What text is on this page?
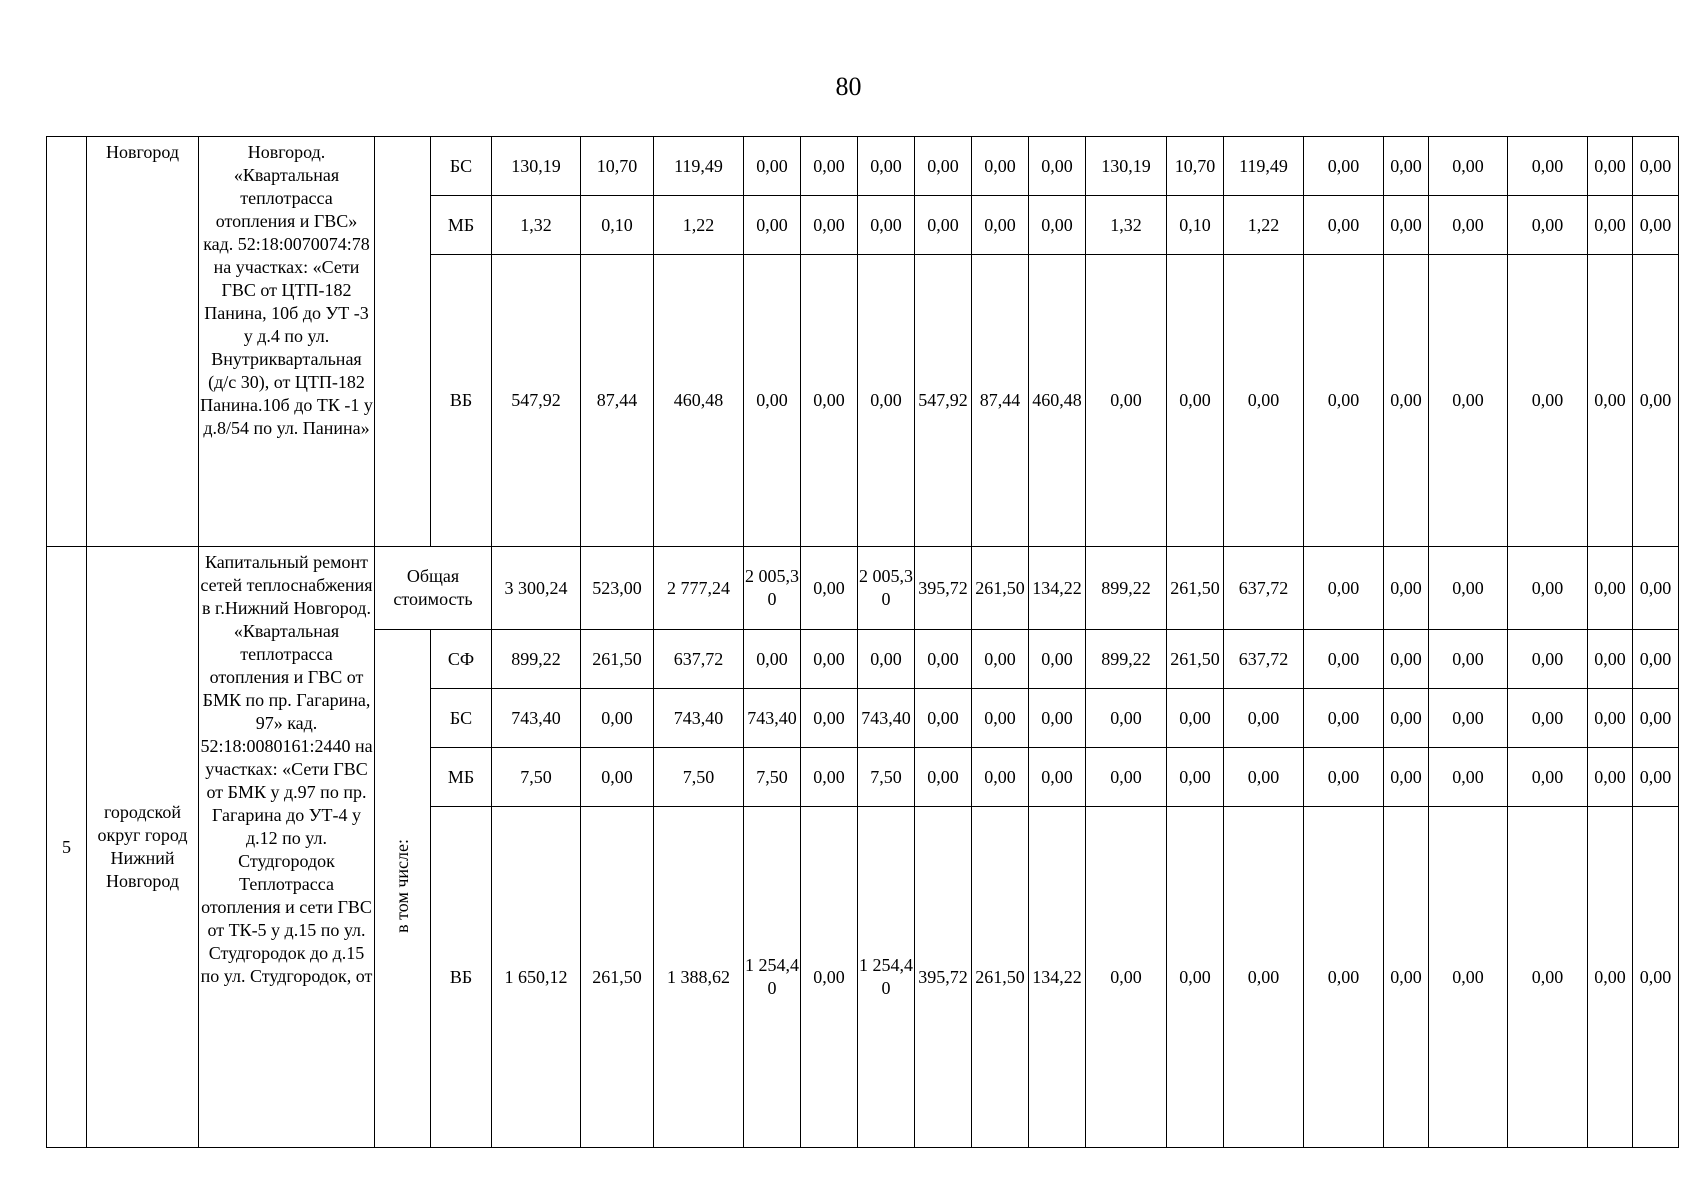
80
	Новгород	Новгород. «Квартальная теплотрасса отопления и ГВС» кад. 52:18:0070074:78 на участках: «Сети ГВС от ЦТП-182 Панина, 10б до УТ -3 у д.4 по ул. Внутриквартальная (д/с 30), от ЦТП-182 Панина.10б до ТК -1 у д.8/54 по ул. Панина»		БС	130,19	10,70	119,49	0,00	0,00	0,00	0,00	0,00	0,00	130,19	10,70	119,49	0,00	0,00	0,00	0,00	0,00	0,00
				МБ	1,32	0,10	1,22	0,00	0,00	0,00	0,00	0,00	0,00	1,32	0,10	1,22	0,00	0,00	0,00	0,00	0,00	0,00
				ВБ	547,92	87,44	460,48	0,00	0,00	0,00	547,92	87,44	460,48	0,00	0,00	0,00	0,00	0,00	0,00	0,00	0,00	0,00
5	городской округ город Нижний Новгород	Капитальный ремонт сетей теплоснабжения в г.Нижний Новгород. «Квартальная теплотрасса отопления и ГВС от БМК по пр. Гагарина, 97» кад. 52:18:0080161:2440 на участках: «Сети ГВС от БМК у д.97 по пр. Гагарина до УТ-4 у д.12 по ул. Студгородок Теплотрасса отопления и сети ГВС от ТК-5 у д.15 по ул. Студгородок до д.15 по ул. Студгородок, от	Общая стоимость		3 300,24	523,00	2 777,24	2 005,30	0,00	2 005,30	395,72	261,50	134,22	899,22	261,50	637,72	0,00	0,00	0,00	0,00	0,00	0,00
			в том числе:	СФ	899,22	261,50	637,72	0,00	0,00	0,00	0,00	0,00	0,00	899,22	261,50	637,72	0,00	0,00	0,00	0,00	0,00	0,00
				БС	743,40	0,00	743,40	743,40	0,00	743,40	0,00	0,00	0,00	0,00	0,00	0,00	0,00	0,00	0,00	0,00	0,00	0,00
				МБ	7,50	0,00	7,50	7,50	0,00	7,50	0,00	0,00	0,00	0,00	0,00	0,00	0,00	0,00	0,00	0,00	0,00	0,00
				ВБ	1 650,12	261,50	1 388,62	1 254,40	0,00	1 254,40	395,72	261,50	134,22	0,00	0,00	0,00	0,00	0,00	0,00	0,00	0,00	0,00
